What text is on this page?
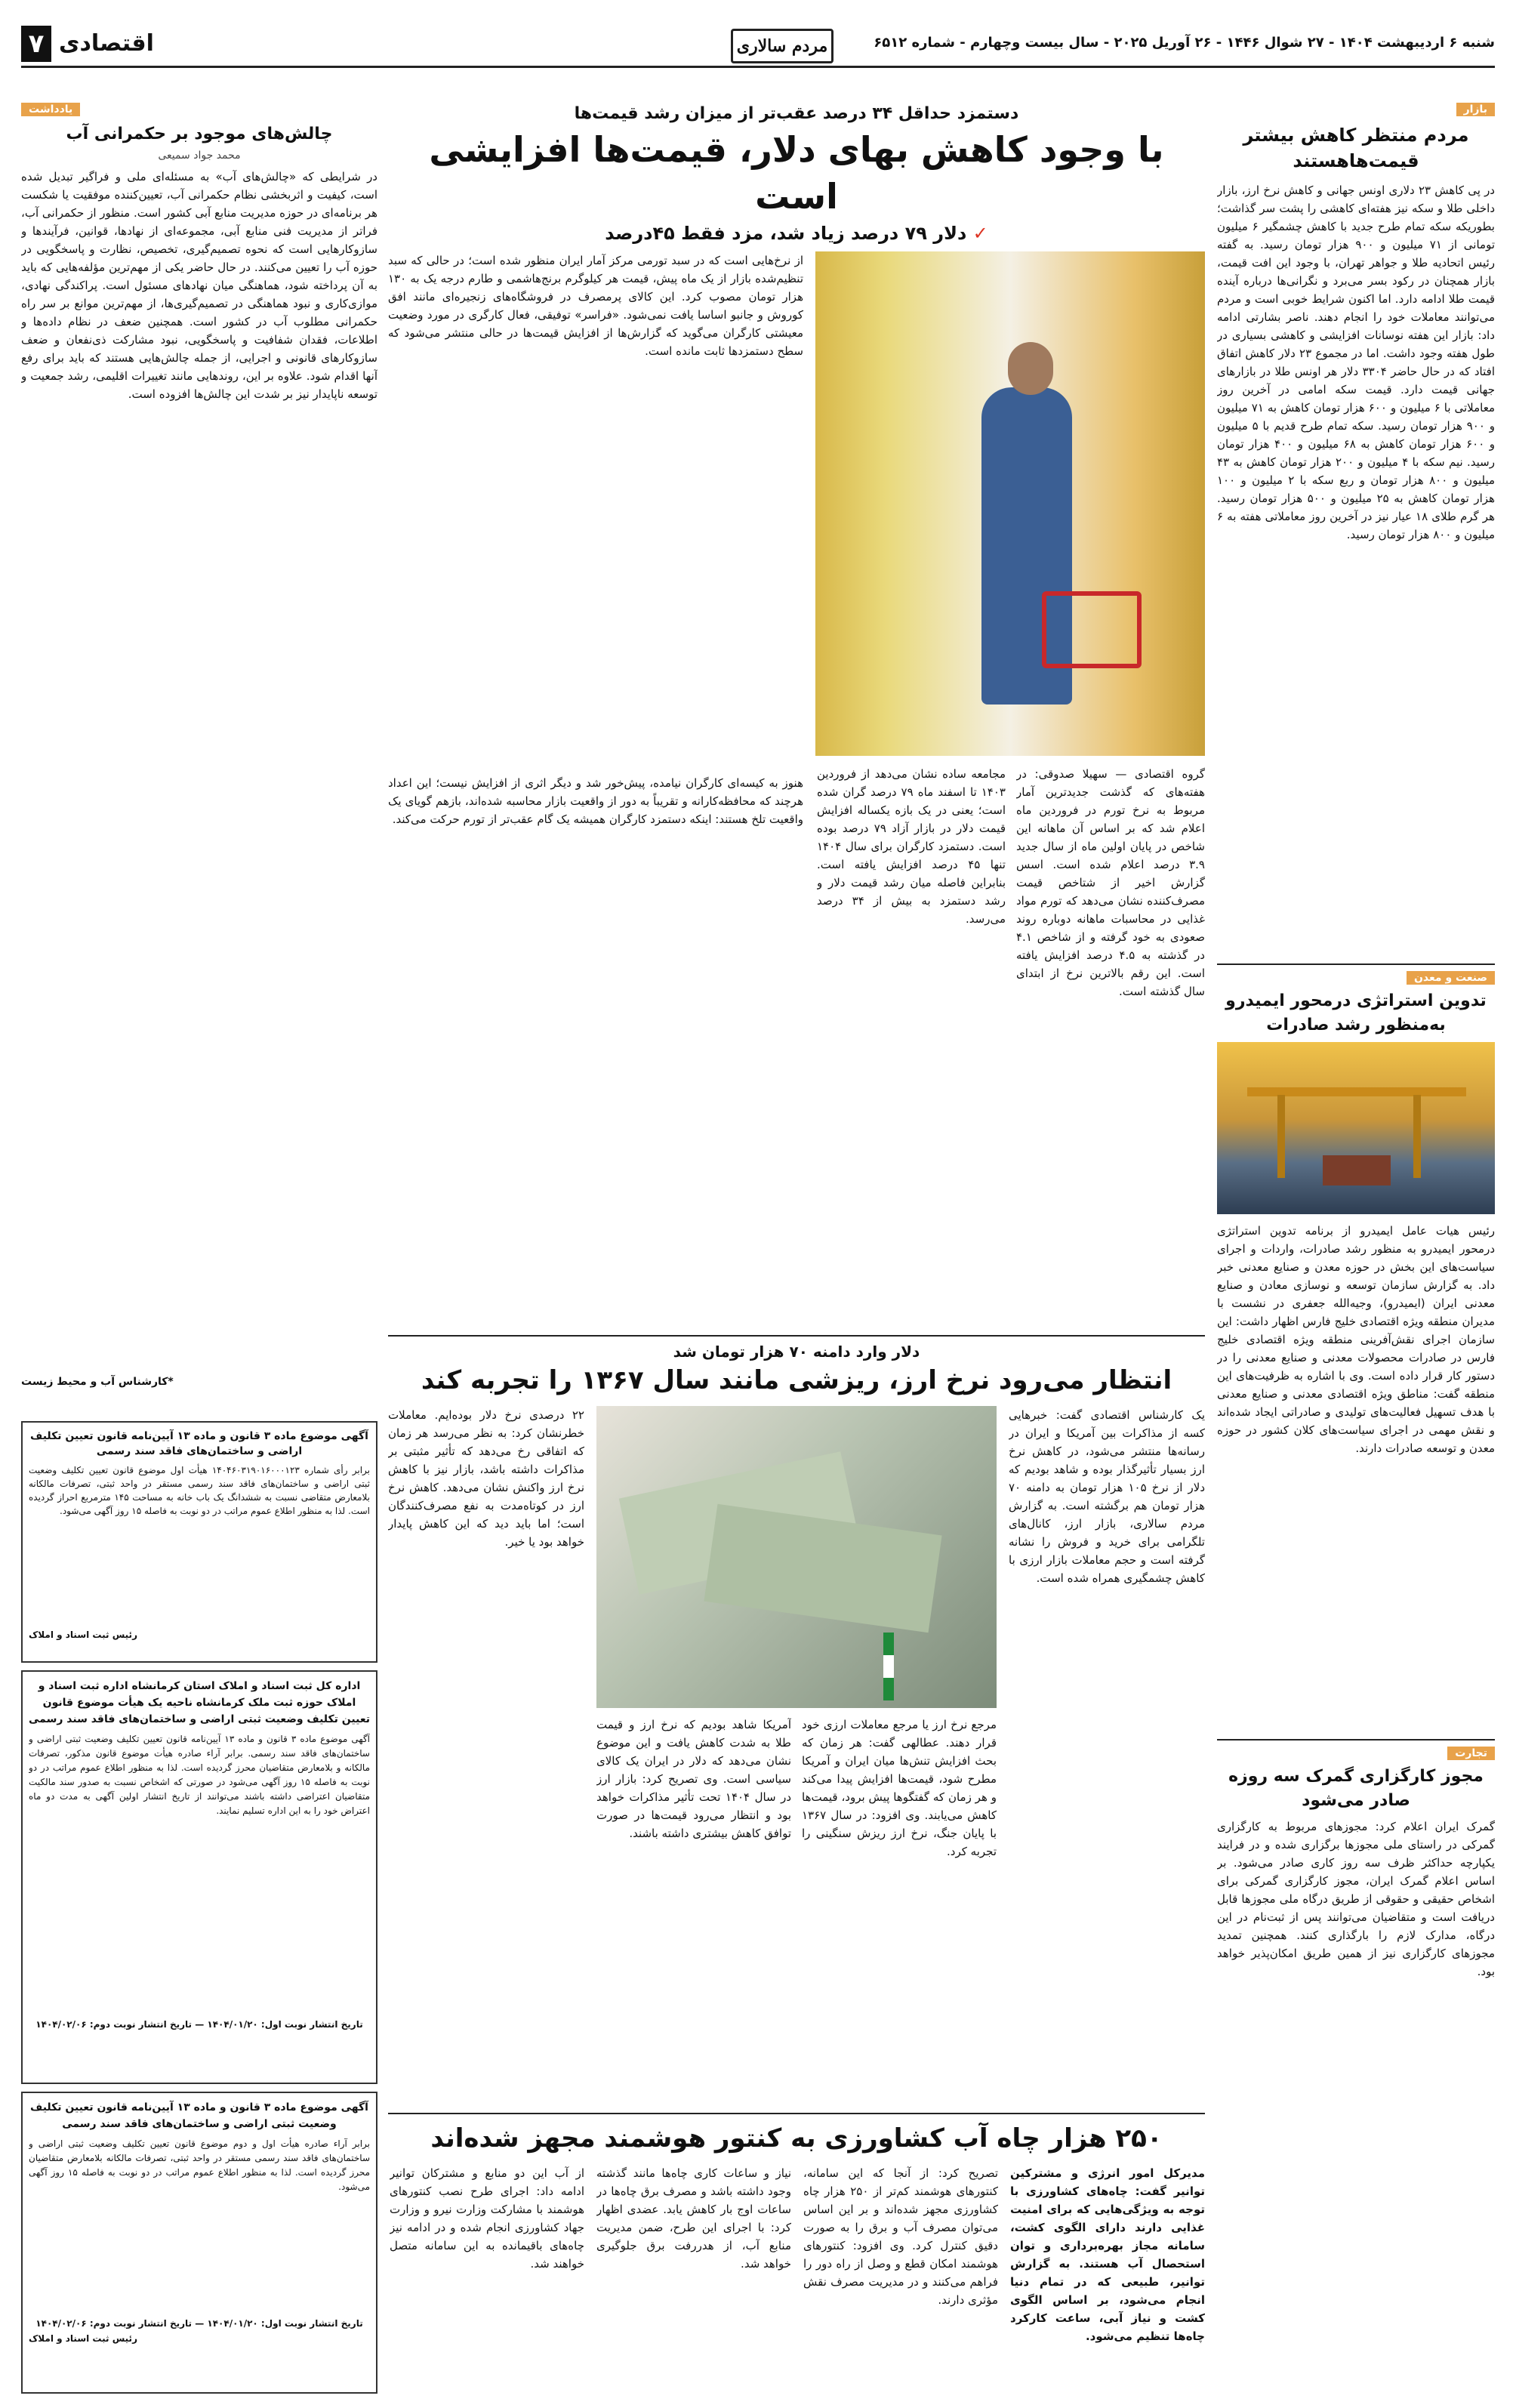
شنبه ۶ اردیبهشت ۱۴۰۴ - ۲۷ شوال ۱۴۴۶ - ۲۶ آوریل ۲۰۲۵ - سال بیست وچهارم - شماره ۶۵۱۲
مردم سالاری
اقتصادی
۷
بازار
مردم منتظر کاهش بیشتر قیمت‌هاهستند
در پی کاهش ۲۳ دلاری اونس جهانی و کاهش نرخ ارز، بازار داخلی طلا و سکه نیز هفته‌ای کاهشی را پشت سر گذاشت؛ بطوریکه سکه تمام طرح جدید با کاهش چشمگیر ۶ میلیون تومانی از ۷۱ میلیون و ۹۰۰ هزار تومان رسید. به گفته رئیس اتحادیه طلا و جواهر تهران، با وجود این افت قیمت، بازار همچنان در رکود بسر می‌برد و نگرانی‌ها درباره آینده قیمت طلا ادامه دارد. اما اکنون شرایط خوبی است و مردم می‌توانند معاملات خود را انجام دهند. ناصر بشارتی ادامه داد: بازار این هفته نوسانات افزایشی و کاهشی بسیاری در طول هفته وجود داشت. اما در مجموع ۲۳ دلار کاهش اتفاق افتاد که در حال حاضر ۳۳۰۴ دلار هر اونس طلا در بازارهای جهانی قیمت دارد. قیمت سکه امامی در آخرین روز معاملاتی با ۶ میلیون و ۶۰۰ هزار تومان کاهش به ۷۱ میلیون و ۹۰۰ هزار تومان رسید. سکه تمام طرح قدیم با ۵ میلیون و ۶۰۰ هزار تومان کاهش به ۶۸ میلیون و ۴۰۰ هزار تومان رسید. نیم سکه با ۴ میلیون و ۲۰۰ هزار تومان کاهش به ۴۳ میلیون و ۸۰۰ هزار تومان و ربع سکه با ۲ میلیون و ۱۰۰ هزار تومان کاهش به ۲۵ میلیون و ۵۰۰ هزار تومان رسید. هر گرم طلای ۱۸ عیار نیز در آخرین روز معاملاتی هفته به ۶ میلیون و ۸۰۰ هزار تومان رسید.
صنعت و معدن
تدوین استراتژی درمحور ایمیدرو به‌منظور رشد صادرات
رئیس هیات عامل ایمیدرو از برنامه تدوین استراتژی درمحور ایمیدرو به منظور رشد صادرات، واردات و اجرای سیاست‌های این بخش در حوزه معدن و صنایع معدنی خبر داد. به گزارش سازمان توسعه و نوسازی معادن و صنایع معدنی ایران (ایمیدرو)، وجیه‌الله جعفری در نشست با مدیران منطقه ویژه اقتصادی خلیج فارس اظهار داشت: این سازمان اجرای نقش‌آفرینی منطقه ویژه اقتصادی خلیج فارس در صادرات محصولات معدنی و صنایع معدنی را در دستور کار قرار داده است. وی با اشاره به ظرفیت‌های این منطقه گفت: مناطق ویژه اقتصادی معدنی و صنایع معدنی با هدف تسهیل فعالیت‌های تولیدی و صادراتی ایجاد شده‌اند و نقش مهمی در اجرای سیاست‌های کلان کشور در حوزه معدن و توسعه صادرات دارند.
تجارت
مجوز کارگزاری گمرک سه روزه صادر می‌شود
گمرک ایران اعلام کرد: مجوزهای مربوط به کارگزاری گمرکی در راستای ملی مجوزها برگزاری شده و در فرایند یکپارچه حداکثر ظرف سه روز کاری صادر می‌شود. بر اساس اعلام گمرک ایران، مجوز کارگزاری گمرکی برای اشخاص حقیقی و حقوقی از طریق درگاه ملی مجوزها قابل دریافت است و متقاضیان می‌توانند پس از ثبت‌نام در این درگاه، مدارک لازم را بارگذاری کنند. همچنین تمدید مجوزهای کارگزاری نیز از همین طریق امکان‌پذیر خواهد بود.
دستمزد حداقل ۳۴ درصد عقب‌تر از میزان رشد قیمت‌ها
با وجود کاهش بهای دلار، قیمت‌ها افزایشی است
✓ دلار ۷۹ درصد زیاد شد، مزد فقط ۴۵درصد
گروه اقتصادی — سهیلا صدوقی: در هفته‌های که گذشت جدیدترین آمار مربوط به نرخ تورم در فروردین ماه اعلام شد که بر اساس آن ماهانه این شاخص در پایان اولین ماه از سال جدید ۳.۹ درصد اعلام شده است. اسس گزارش اخیر از شتاخص قیمت مصرف‌کننده نشان می‌دهد که تورم مواد غذایی در محاسبات ماهانه دوباره روند صعودی به خود گرفته و از شاخص ۴.۱ در گذشته به ۴.۵ درصد افزایش یافته است. این رقم بالاترین نرخ از ابتدای سال گذشته است.
مجامعه ساده نشان می‌دهد از فروردین ۱۴۰۳ تا اسفند ماه ۷۹ درصد گران شده است؛ یعنی در یک بازه یکساله افزایش قیمت دلار در بازار آزاد ۷۹ درصد بوده است. دستمزد کارگران برای سال ۱۴۰۴ تنها ۴۵ درصد افزایش یافته است. بنابراین فاصله میان رشد قیمت دلار و رشد دستمزد به بیش از ۳۴ درصد می‌رسد.
از نرخ‌هایی است که در سبد تورمی مرکز آمار ایران منظور شده است؛ در حالی که سبد تنظیم‌شده بازار از یک ماه پیش، قیمت هر کیلوگرم برنج‌هاشمی و طارم درجه یک به ۱۳۰ هزار تومان مصوب کرد. این کالای پرمصرف در فروشگاه‌های زنجیره‌ای مانند افق کوروش و جانبو اساسا یافت نمی‌شود. «فراسر» توفیقی، فعال کارگری در مورد وضعیت معیشتی کارگران می‌گوید که گزارش‌ها از افزایش قیمت‌ها در حالی منتشر می‌شود که سطح دستمزدها ثابت مانده است.
هنوز به کیسه‌ای کارگران نیامده، پیش‌خور شد و دیگر اثری از افزایش نیست؛ این اعداد هرچند که محافظه‌کارانه و تقریباً به دور از واقعیت بازار محاسبه شده‌اند، بازهم گویای یک واقعیت تلخ هستند: اینکه دستمزد کارگران همیشه یک گام عقب‌تر از تورم حرکت می‌کند.
یادداشت
چالش‌های موجود بر حکمرانی آب
محمد جواد سمیعی
در شرایطی که «چالش‌های آب» به مسئله‌ای ملی و فراگیر تبدیل شده است، کیفیت و اثربخشی نظام حکمرانی آب، تعیین‌کننده موفقیت یا شکست هر برنامه‌ای در حوزه مدیریت منابع آبی کشور است. منظور از حکمرانی آب، فراتر از مدیریت فنی منابع آبی، مجموعه‌ای از نهادها، قوانین، فرآیندها و سازوکارهایی است که نحوه تصمیم‌گیری، تخصیص، نظارت و پاسخگویی در حوزه آب را تعیین می‌کنند. در حال حاضر یکی از مهم‌ترین مؤلفه‌هایی که باید به آن پرداخته شود، هماهنگی میان نهادهای مسئول است. پراکندگی نهادی، موازی‌کاری و نبود هماهنگی در تصمیم‌گیری‌ها، از مهم‌ترین موانع بر سر راه حکمرانی مطلوب آب در کشور است. همچنین ضعف در نظام داده‌ها و اطلاعات، فقدان شفافیت و پاسخگویی، نبود مشارکت ذی‌نفعان و ضعف سازوکارهای قانونی و اجرایی، از جمله چالش‌هایی هستند که باید برای رفع آنها اقدام شود. علاوه بر این، روندهایی مانند تغییرات اقلیمی، رشد جمعیت و توسعه ناپایدار نیز بر شدت این چالش‌ها افزوده است.
*کارشناس آب و محیط زیست
دلار وارد دامنه ۷۰ هزار تومان شد
انتظار می‌رود نرخ ارز، ریزشی مانند سال ۱۳۶۷ را تجربه کند
یک کارشناس اقتصادی گفت: خبرهایی کسه از مذاکرات بین آمریکا و ایران در رسانه‌ها منتشر می‌شود، در کاهش نرخ ارز بسیار تأثیرگذار بوده و شاهد بودیم که دلار از نرخ ۱۰۵ هزار تومان به دامنه ۷۰ هزار تومان هم برگشته است. به گزارش مردم سالاری، بازار ارز، کانال‌های تلگرامی برای خرید و فروش را نشانه گرفته است و حجم معاملات بازار ارزی با کاهش چشمگیری همراه شده است.
مرجع نرخ ارز یا مرجع معاملات ارزی خود قرار دهند. عطالهی گفت: هر زمان که بحث افزایش تنش‌ها میان ایران و آمریکا مطرح شود، قیمت‌ها افزایش پیدا می‌کند و هر زمان که گفتگوها پیش برود، قیمت‌ها کاهش می‌یابند. وی افزود: در سال ۱۳۶۷ با پایان جنگ، نرخ ارز ریزش سنگینی را تجربه کرد.
آمریکا شاهد بودیم که نرخ ارز و قیمت طلا به شدت کاهش یافت و این موضوع نشان می‌دهد که دلار در ایران یک کالای سیاسی است. وی تصریح کرد: بازار ارز در سال ۱۴۰۴ تحت تأثیر مذاکرات خواهد بود و انتظار می‌رود قیمت‌ها در صورت توافق کاهش بیشتری داشته باشند.
۲۲ درصدی نرخ دلار بوده‌ایم. معاملات خطرنشان کرد: به نظر می‌رسد هر زمان که اتفاقی رخ می‌دهد که تأثیر مثبتی بر مذاکرات داشته باشد، بازار نیز با کاهش نرخ ارز واکنش نشان می‌دهد. کاهش نرخ ارز در کوتاه‌مدت به نفع مصرف‌کنندگان است؛ اما باید دید که این کاهش پایدار خواهد بود یا خیر.
آگهی موضوع ماده ۳ قانون و ماده ۱۳ آیین‌نامه قانون تعیین تکلیف اراضی و ساختمان‌های فاقد سند رسمی
برابر رأی شماره ۱۴۰۴۶۰۳۱۹۰۱۶۰۰۰۱۲۳ هیأت اول موضوع قانون تعیین تکلیف وضعیت ثبتی اراضی و ساختمان‌های فاقد سند رسمی مستقر در واحد ثبتی، تصرفات مالکانه بلامعارض متقاضی نسبت به ششدانگ یک باب خانه به مساحت ۱۴۵ مترمربع احراز گردیده است. لذا به منظور اطلاع عموم مراتب در دو نوبت به فاصله ۱۵ روز آگهی می‌شود.
رئیس ثبت اسناد و املاک
اداره کل ثبت اسناد و املاک استان کرمانشاه اداره ثبت اسناد و املاک حوزه ثبت ملک کرمانشاه ناحیه یک هیأت موضوع قانون تعیین تکلیف وضعیت ثبتی اراضی و ساختمان‌های فاقد سند رسمی
آگهی موضوع ماده ۳ قانون و ماده ۱۳ آیین‌نامه قانون تعیین تکلیف وضعیت ثبتی اراضی و ساختمان‌های فاقد سند رسمی. برابر آراء صادره هیأت موضوع قانون مذکور، تصرفات مالکانه و بلامعارض متقاضیان محرز گردیده است. لذا به منظور اطلاع عموم مراتب در دو نوبت به فاصله ۱۵ روز آگهی می‌شود در صورتی که اشخاص نسبت به صدور سند مالکیت متقاضیان اعتراضی داشته باشند می‌توانند از تاریخ انتشار اولین آگهی به مدت دو ماه اعتراض خود را به این اداره تسلیم نمایند.
تاریخ انتشار نوبت اول: ۱۴۰۴/۰۱/۲۰ — تاریخ انتشار نوبت دوم: ۱۴۰۴/۰۲/۰۶
آگهی موضوع ماده ۳ قانون و ماده ۱۳ آیین‌نامه قانون تعیین تکلیف وضعیت ثبتی اراضی و ساختمان‌های فاقد سند رسمی
برابر آراء صادره هیأت اول و دوم موضوع قانون تعیین تکلیف وضعیت ثبتی اراضی و ساختمان‌های فاقد سند رسمی مستقر در واحد ثبتی، تصرفات مالکانه بلامعارض متقاضیان محرز گردیده است. لذا به منظور اطلاع عموم مراتب در دو نوبت به فاصله ۱۵ روز آگهی می‌شود.
تاریخ انتشار نوبت اول: ۱۴۰۴/۰۱/۲۰ — تاریخ انتشار نوبت دوم: ۱۴۰۴/۰۲/۰۶
رئیس ثبت اسناد و املاک
۲۵۰ هزار چاه آب کشاورزی به کنتور هوشمند مجهز شده‌اند
مدیرکل امور انرژی و مشترکین توانیر گفت: چاه‌های کشاورزی با توجه به ویژگی‌هایی که برای امنیت غذایی دارند دارای الگوی کشت، سامانه مجاز بهره‌برداری و توان استحصال آب هستند. به گزارش توانیر، طبیعی که در تمام دنیا انجام می‌شود، بر اساس الگوی کشت و نیاز آبی، ساعت کارکرد چاه‌ها تنظیم می‌شود.
تصریح کرد: از آنجا که این سامانه، کنتورهای هوشمند کم‌تر از ۲۵۰ هزار چاه کشاورزی مجهز شده‌اند و بر این اساس می‌توان مصرف آب و برق را به صورت دقیق کنترل کرد. وی افزود: کنتورهای هوشمند امکان قطع و وصل از راه دور را فراهم می‌کنند و در مدیریت مصرف نقش مؤثری دارند.
نیاز و ساعات کاری چاه‌ها مانند گذشته وجود داشته باشد و مصرف برق چاه‌ها در ساعات اوج بار کاهش یابد. عضدی اظهار کرد: با اجرای این طرح، ضمن مدیریت منابع آب، از هدررفت برق جلوگیری خواهد شد.
از آب این دو منابع و مشترکان توانیر ادامه داد: اجرای طرح نصب کنتورهای هوشمند با مشارکت وزارت نیرو و وزارت جهاد کشاورزی انجام شده و در ادامه نیز چاه‌های باقیمانده به این سامانه متصل خواهند شد.
